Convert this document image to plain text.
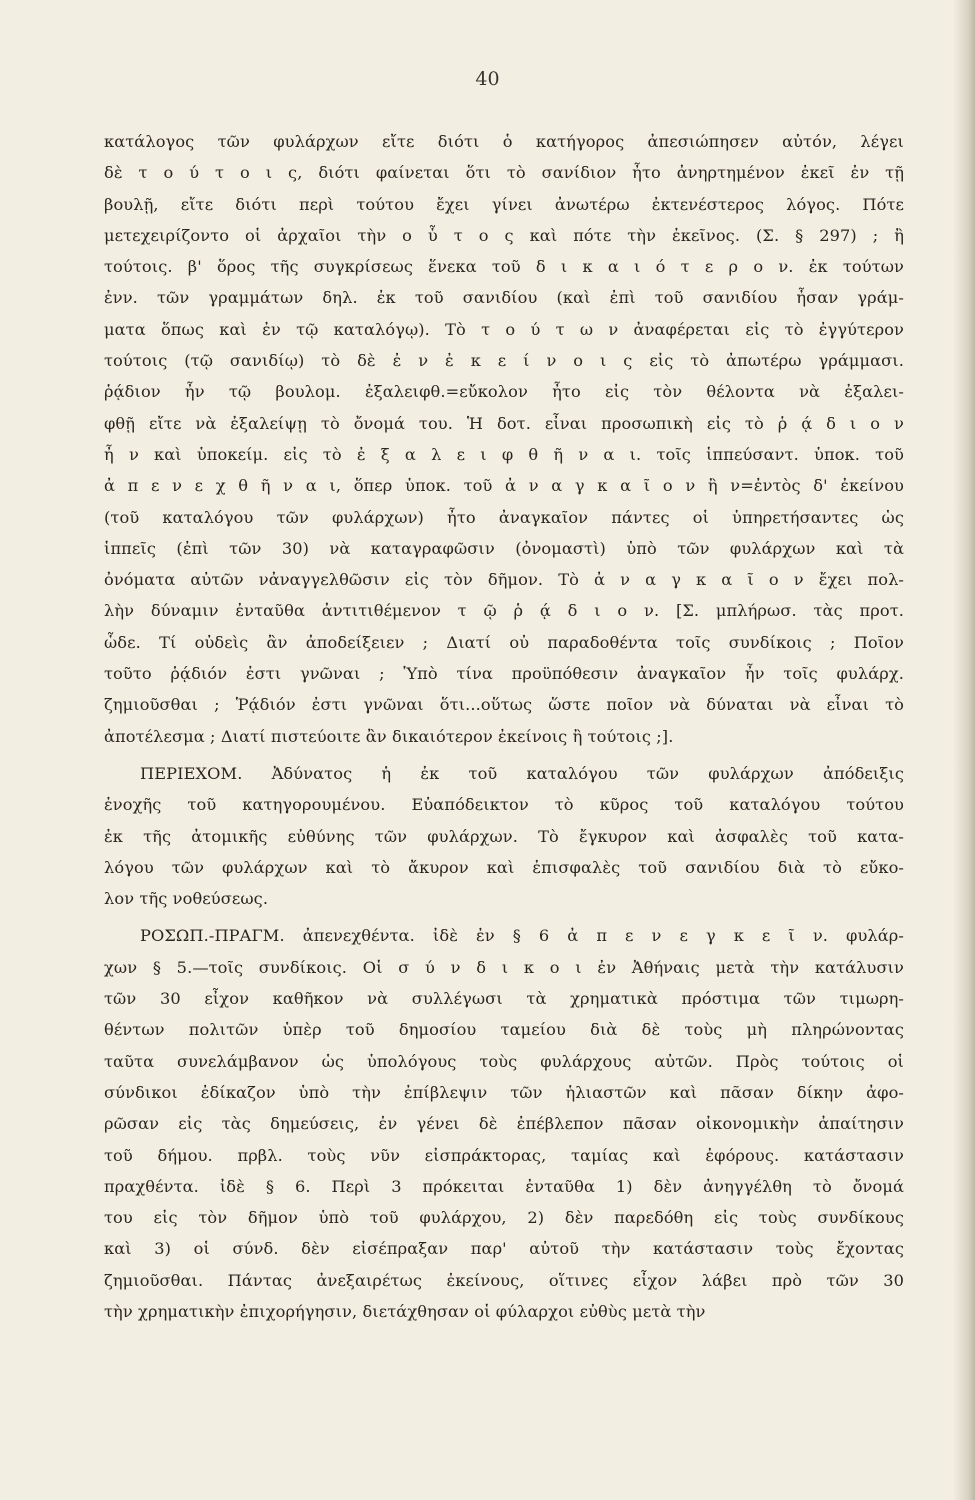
40
κατάλογος τῶν φυλάρχων εἴτε διότι ὁ κατήγορος ἀπεσιώπησεν αὐτόν, λέγει
δὲ τ ο ύ τ ο ι ς, διότι φαίνεται ὅτι τὸ σανίδιον ἦτο ἀνηρτημένον ἐκεῖ ἐν τῇ
βουλῇ, εἴτε διότι περὶ τούτου ἔχει γίνει ἀνωτέρω ἐκτενέστερος λόγος. Πότε
μετεχειρίζοντο οἱ ἀρχαῖοι τὴν ο ὗ τ ο ς καὶ πότε τὴν ἐκεῖνος. (Σ. § 297) ; ἢ
τούτοις. β' ὅρος τῆς συγκρίσεως ἕνεκα τοῦ δ ι κ α ι ό τ ε ρ ο ν. ἐκ τούτων
ἐνν. τῶν γραμμάτων δηλ. ἐκ τοῦ σανιδίου (καὶ ἐπὶ τοῦ σανιδίου ἦσαν γράμ-
ματα ὅπως καὶ ἐν τῷ καταλόγῳ). Τὸ τ ο ύ τ ω ν ἀναφέρεται εἰς τὸ ἐγγύτερον
τούτοις (τῷ σανιδίῳ) τὸ δὲ ἐ ν ἐ κ ε ί ν ο ι ς εἰς τὸ ἀπωτέρω γράμμασι.
ῥᾴδιον ἦν τῷ βουλομ. ἐξαλειφθ.=εὔκολον ἦτο εἰς τὸν θέλοντα νὰ ἐξαλει-
φθῇ εἴτε νὰ ἐξαλείψῃ τὸ ὄνομά του. Ἡ δοτ. εἶναι προσωπικὴ εἰς τὸ ῥ ᾴ δ ι ο ν
ἦ ν καὶ ὑποκείμ. εἰς τὸ ἐ ξ α λ ε ι φ θ ῆ ν α ι. τοῖς ἱππεύσαντ. ὑποκ. τοῦ
ἀ π ε ν ε χ θ ῆ ν α ι, ὅπερ ὑποκ. τοῦ ἀ ν α γ κ α ῖ ο ν ἢ ν=ἐντὸς δ' ἐκείνου
(τοῦ καταλόγου τῶν φυλάρχων) ἦτο ἀναγκαῖον πάντες οἱ ὑπηρετήσαντες ὡς
ἱππεῖς (ἐπὶ τῶν 30) νὰ καταγραφῶσιν (ὀνομαστὶ) ὑπὸ τῶν φυλάρχων καὶ τὰ
ὀνόματα αὐτῶν νἀναγγελθῶσιν εἰς τὸν δῆμον. Τὸ ἀ ν α γ κ α ῖ ο ν ἔχει πολ-
λὴν δύναμιν ἐνταῦθα ἀντιτιθέμενον τ ῷ ῥ ᾴ δ ι ο ν. [Σ. μπλήρωσ. τὰς προτ.
ὧδε. Τί οὐδεὶς ἂν ἀποδείξειεν ; Διατί οὐ παραδοθέντα τοῖς συνδίκοις ; Ποῖον
τοῦτο ῥᾴδιόν ἐστι γνῶναι ; Ὑπὸ τίνα προϋπόθεσιν ἀναγκαῖον ἦν τοῖς φυλάρχ.
ζημιοῦσθαι ; Ῥᾴδιόν ἐστι γνῶναι ὅτι...οὕτως ὥστε ποῖον νὰ δύναται νὰ εἶναι τὸ
ἀποτέλεσμα ; Διατί πιστεύοιτε ἂν δικαιότερον ἐκείνοις ἢ τούτοις ;].
ΠΕΡΙΕΧΟΜ. Ἀδύνατος ἡ ἐκ τοῦ καταλόγου τῶν φυλάρχων ἀπόδειξις
ἐνοχῆς τοῦ κατηγορουμένου. Εὐαπόδεικτον τὸ κῦρος τοῦ καταλόγου τούτου
ἐκ τῆς ἀτομικῆς εὐθύνης τῶν φυλάρχων. Τὸ ἔγκυρον καὶ ἀσφαλὲς τοῦ κατα-
λόγου τῶν φυλάρχων καὶ τὸ ἄκυρον καὶ ἐπισφαλὲς τοῦ σανιδίου διὰ τὸ εὔκο-
λον τῆς νοθεύσεως.
ΡΟΣΩΠ.-ΠΡΑΓΜ. ἀπενεχθέντα. ἰδὲ ἐν § 6 ἀ π ε ν ε γ κ ε ῖ ν. φυλάρ-
χων § 5.—τοῖς συνδίκοις. Οἱ σ ύ ν δ ι κ ο ι ἐν Ἀθήναις μετὰ τὴν κατάλυσιν
τῶν 30 εἶχον καθῆκον νὰ συλλέγωσι τὰ χρηματικὰ πρόστιμα τῶν τιμωρη-
θέντων πολιτῶν ὑπὲρ τοῦ δημοσίου ταμείου διὰ δὲ τοὺς μὴ πληρώνοντας
ταῦτα συνελάμβανον ὡς ὑπολόγους τοὺς φυλάρχους αὐτῶν. Πρὸς τούτοις οἱ
σύνδικοι ἐδίκαζον ὑπὸ τὴν ἐπίβλεψιν τῶν ἡλιαστῶν καὶ πᾶσαν δίκην ἀφο-
ρῶσαν εἰς τὰς δημεύσεις, ἐν γένει δὲ ἐπέβλεπον πᾶσαν οἰκονομικὴν ἀπαίτησιν
τοῦ δήμου. πρβλ. τοὺς νῦν εἰσπράκτορας, ταμίας καὶ ἐφόρους. κατάστασιν
πραχθέντα. ἰδὲ § 6. Περὶ 3 πρόκειται ἐνταῦθα 1) δὲν ἀνηγγέλθη τὸ ὄνομά
του εἰς τὸν δῆμον ὑπὸ τοῦ φυλάρχου, 2) δὲν παρεδόθη εἰς τοὺς συνδίκους
καὶ 3) οἱ σύνδ. δὲν εἰσέπραξαν παρ' αὐτοῦ τὴν κατάστασιν τοὺς ἔχοντας
ζημιοῦσθαι. Πάντας ἀνεξαιρέτως ἐκείνους, οἵτινες εἶχον λάβει πρὸ τῶν 30
τὴν χρηματικὴν ἐπιχορήγησιν, διετάχθησαν οἱ φύλαρχοι εὐθὺς μετὰ τὴν
